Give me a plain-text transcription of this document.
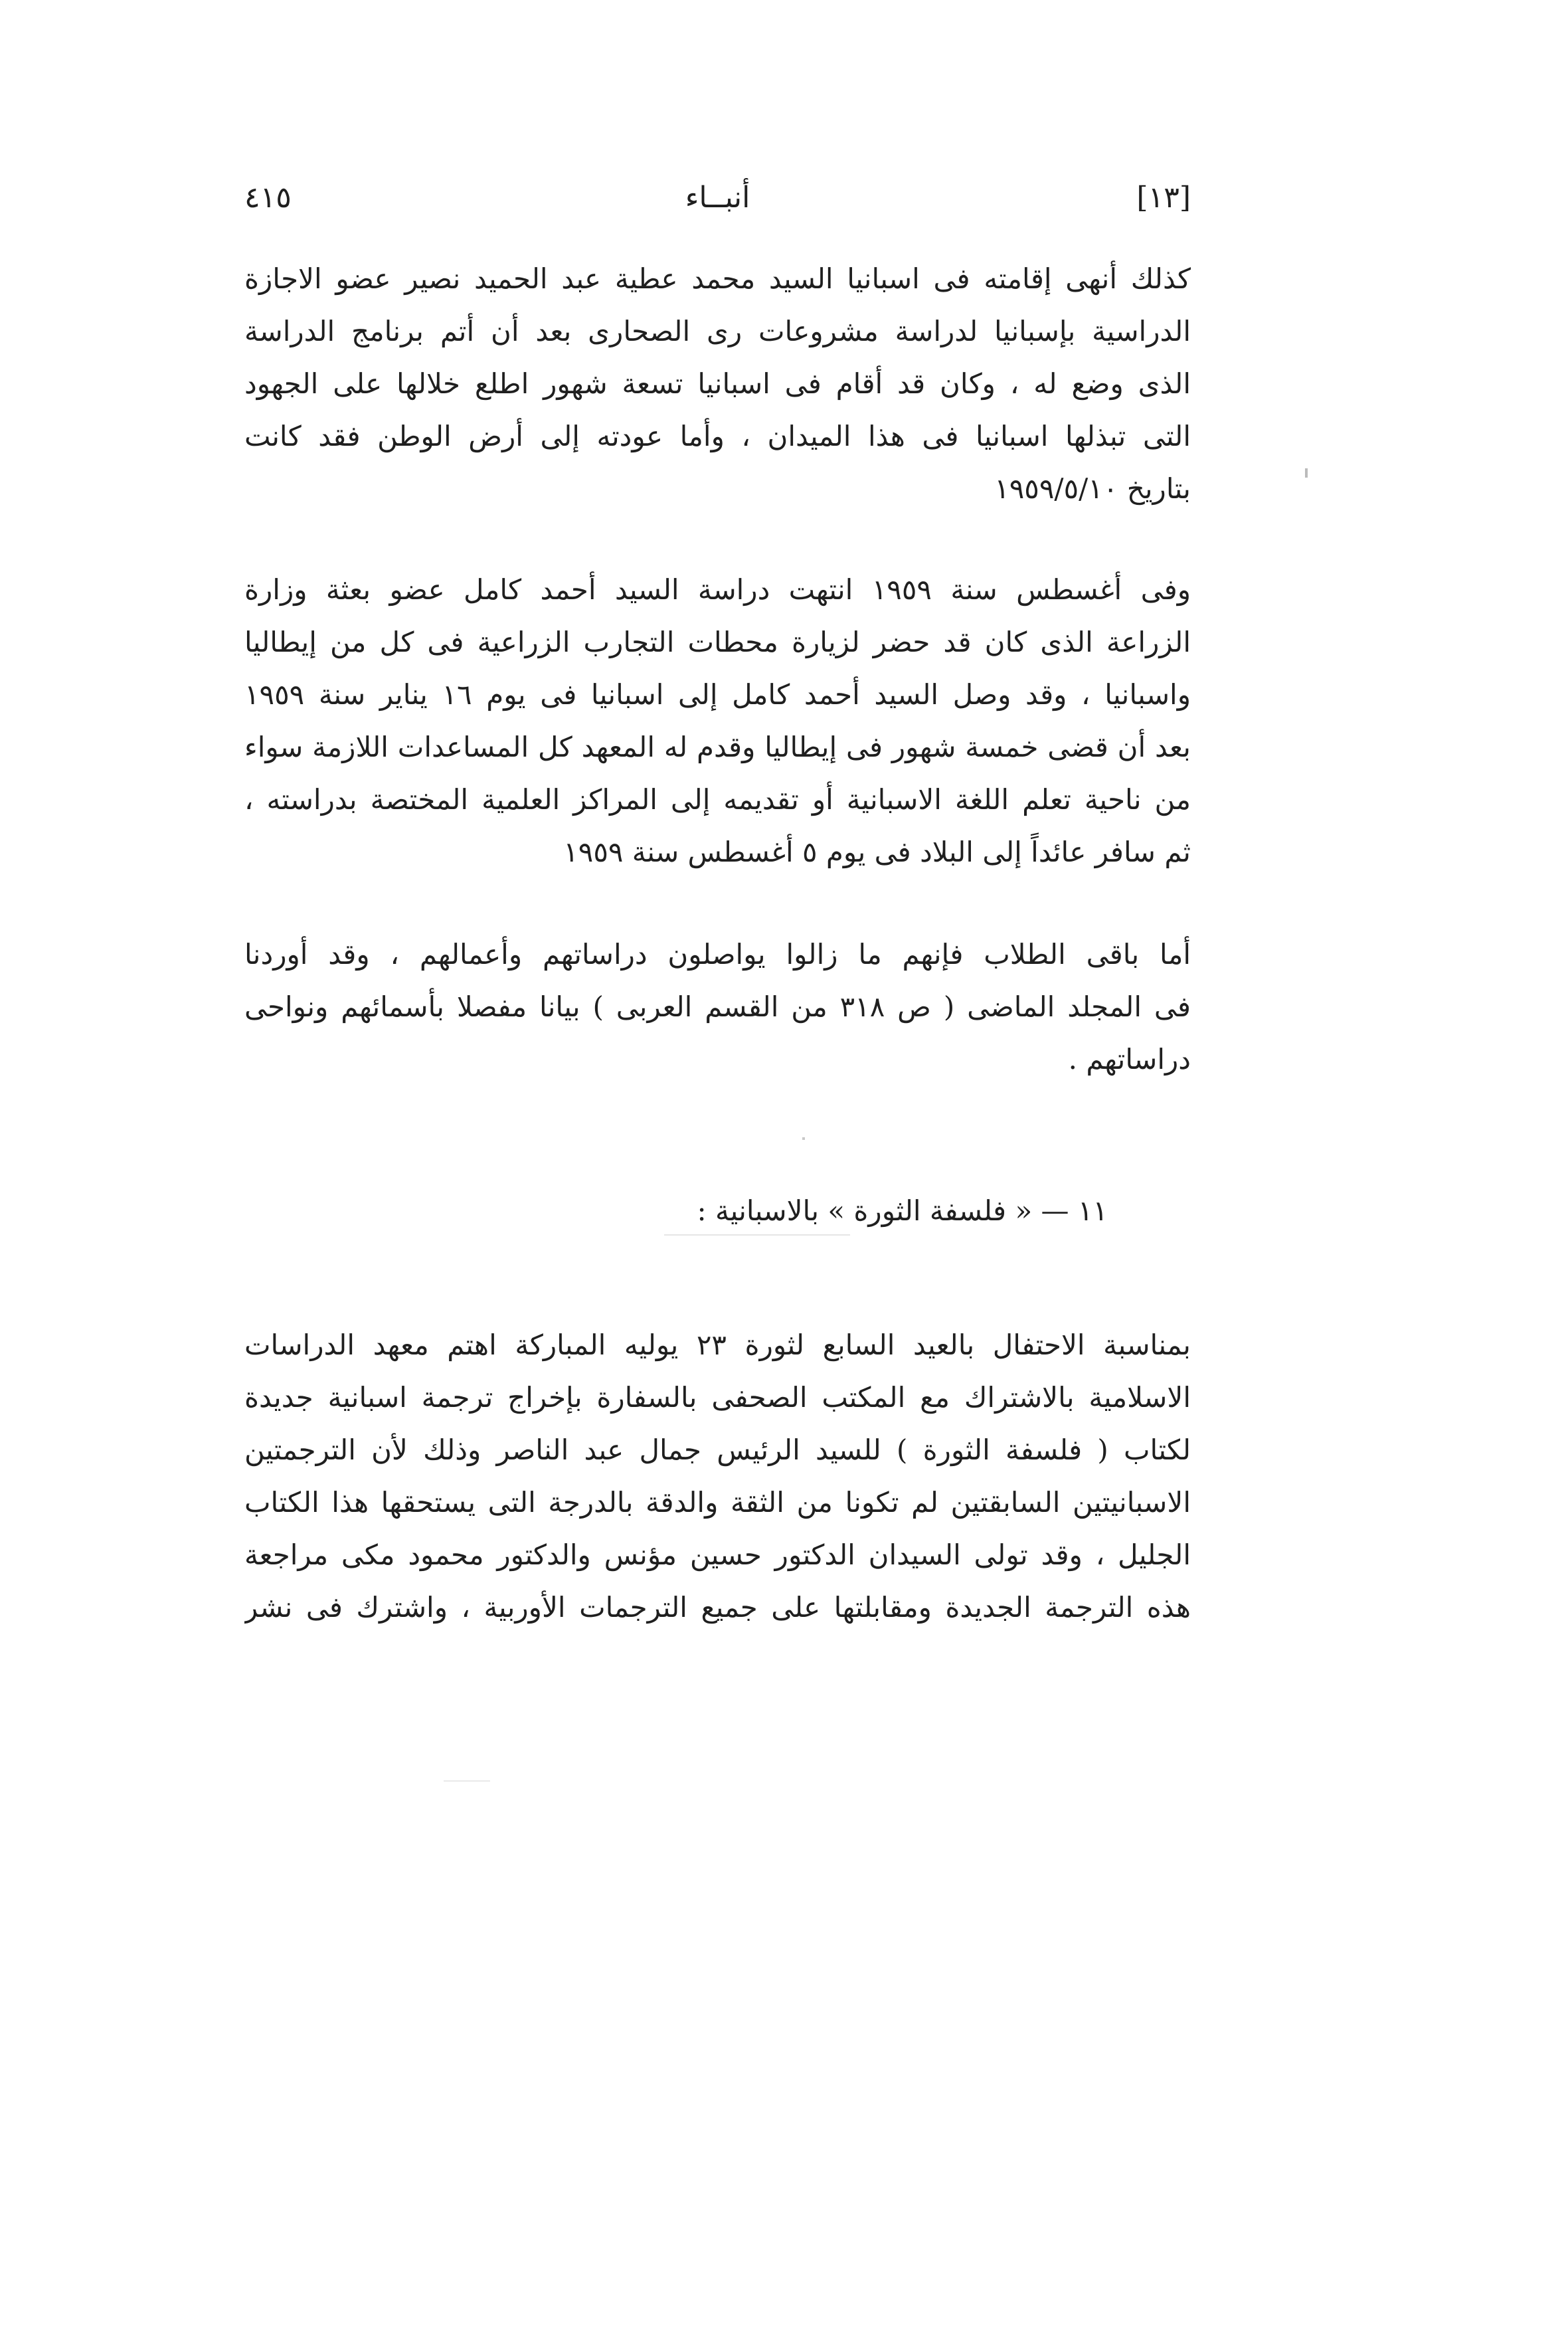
٤١٥	أنبــاء	[١٣]
كذلك أنهى إقامته فى اسبانيا السيد محمد عطية عبد الحميد نصير عضو الاجازة
الدراسية بإسبانيا لدراسة مشروعات رى الصحارى بعد أن أتم برنامج الدراسة
الذى وضع له ، وكان قد أقام فى اسبانيا تسعة شهور اطلع خلالها على الجهود
التى تبذلها اسبانيا فى هذا الميدان ، وأما عودته إلى أرض الوطن فقد كانت
بتاريخ ١٩٥٩/٥/١٠
وفى أغسطس سنة ١٩٥٩ انتهت دراسة السيد أحمد كامل عضو بعثة وزارة
الزراعة الذى كان قد حضر لزيارة محطات التجارب الزراعية فى كل من إيطاليا
واسبانيا ، وقد وصل السيد أحمد كامل إلى اسبانيا فى يوم ١٦ يناير سنة ١٩٥٩
بعد أن قضى خمسة شهور فى إيطاليا وقدم له المعهد كل المساعدات اللازمة سواء
من ناحية تعلم اللغة الاسبانية أو تقديمه إلى المراكز العلمية المختصة بدراسته ،
ثم سافر عائداً إلى البلاد فى يوم ٥ أغسطس سنة ١٩٥٩
أما باقى الطلاب فإنهم ما زالوا يواصلون دراساتهم وأعمالهم ، وقد أوردنا
فى المجلد الماضى ( ص ٣١٨ من القسم العربى ) بيانا مفصلا بأسمائهم ونواحى
دراساتهم .
١١ — « فلسفة الثورة » بالاسبانية :
بمناسبة الاحتفال بالعيد السابع لثورة ٢٣ يوليه المباركة اهتم معهد الدراسات
الاسلامية بالاشتراك مع المكتب الصحفى بالسفارة بإخراج ترجمة اسبانية جديدة
لكتاب ( فلسفة الثورة ) للسيد الرئيس جمال عبد الناصر وذلك لأن الترجمتين
الاسبانيتين السابقتين لم تكونا من الثقة والدقة بالدرجة التى يستحقها هذا الكتاب
الجليل ، وقد تولى السيدان الدكتور حسين مؤنس والدكتور محمود مكى مراجعة
هذه الترجمة الجديدة ومقابلتها على جميع الترجمات الأوربية ، واشترك فى نشر
